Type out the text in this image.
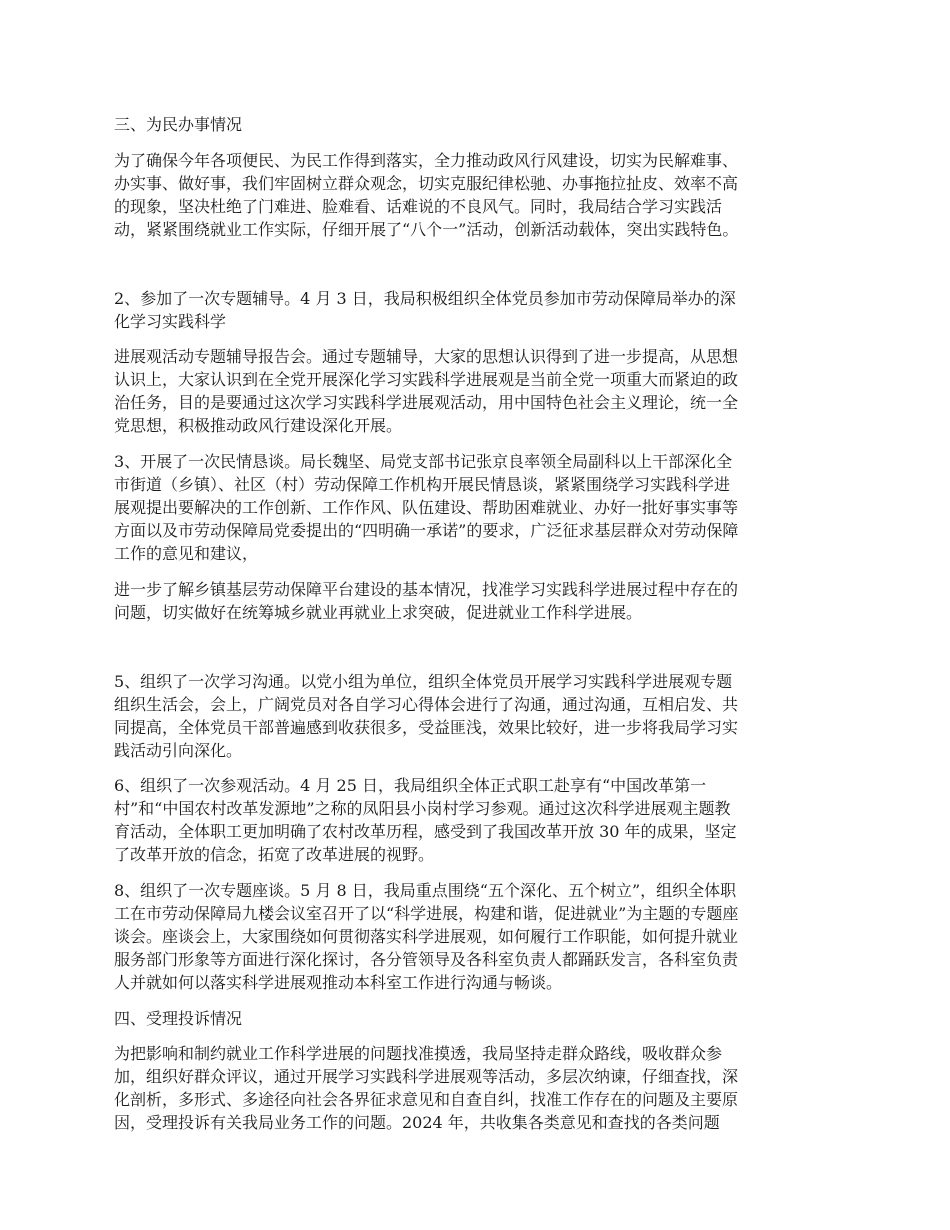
三、为民办事情况
为了确保今年各项便民、为民工作得到落实，全力推动政风行风建设，切实为民解难事、
办实事、做好事，我们牢固树立群众观念，切实克服纪律松驰、办事拖拉扯皮、效率不高
的现象，坚决杜绝了门难进、脸难看、话难说的不良风气。同时，我局结合学习实践活
动，紧紧围绕就业工作实际，仔细开展了“八个一”活动，创新活动载体，突出实践特色。
2、参加了一次专题辅导。4 月 3 日，我局积极组织全体党员参加市劳动保障局举办的深
化学习实践科学
进展观活动专题辅导报告会。通过专题辅导，大家的思想认识得到了进一步提高，从思想
认识上，大家认识到在全党开展深化学习实践科学进展观是当前全党一项重大而紧迫的政
治任务，目的是要通过这次学习实践科学进展观活动，用中国特色社会主义理论，统一全
党思想，积极推动政风行建设深化开展。
3、开展了一次民情恳谈。局长魏坚、局党支部书记张京良率领全局副科以上干部深化全
市街道（乡镇）、社区（村）劳动保障工作机构开展民情恳谈，紧紧围绕学习实践科学进
展观提出要解决的工作创新、工作作风、队伍建设、帮助困难就业、办好一批好事实事等
方面以及市劳动保障局党委提出的“四明确一承诺”的要求，广泛征求基层群众对劳动保障
工作的意见和建议，
进一步了解乡镇基层劳动保障平台建设的基本情况，找准学习实践科学进展过程中存在的
问题，切实做好在统筹城乡就业再就业上求突破，促进就业工作科学进展。
5、组织了一次学习沟通。以党小组为单位，组织全体党员开展学习实践科学进展观专题
组织生活会，会上，广阔党员对各自学习心得体会进行了沟通，通过沟通，互相启发、共
同提高，全体党员干部普遍感到收获很多，受益匪浅，效果比较好，进一步将我局学习实
践活动引向深化。
6、组织了一次参观活动。4 月 25 日，我局组织全体正式职工赴享有“中国改革第一
村”和“中国农村改革发源地”之称的凤阳县小岗村学习参观。通过这次科学进展观主题教
育活动，全体职工更加明确了农村改革历程，感受到了我国改革开放 30 年的成果，坚定
了改革开放的信念，拓宽了改革进展的视野。
8、组织了一次专题座谈。5 月 8 日，我局重点围绕“五个深化、五个树立”，组织全体职
工在市劳动保障局九楼会议室召开了以“科学进展，构建和谐，促进就业”为主题的专题座
谈会。座谈会上，大家围绕如何贯彻落实科学进展观，如何履行工作职能，如何提升就业
服务部门形象等方面进行深化探讨，各分管领导及各科室负责人都踊跃发言，各科室负责
人并就如何以落实科学进展观推动本科室工作进行沟通与畅谈。
四、受理投诉情况
为把影响和制约就业工作科学进展的问题找准摸透，我局坚持走群众路线，吸收群众参
加，组织好群众评议，通过开展学习实践科学进展观等活动，多层次纳谏，仔细查找，深
化剖析，多形式、多途径向社会各界征求意见和自查自纠，找准工作存在的问题及主要原
因，受理投诉有关我局业务工作的问题。2024 年，共收集各类意见和查找的各类问题
